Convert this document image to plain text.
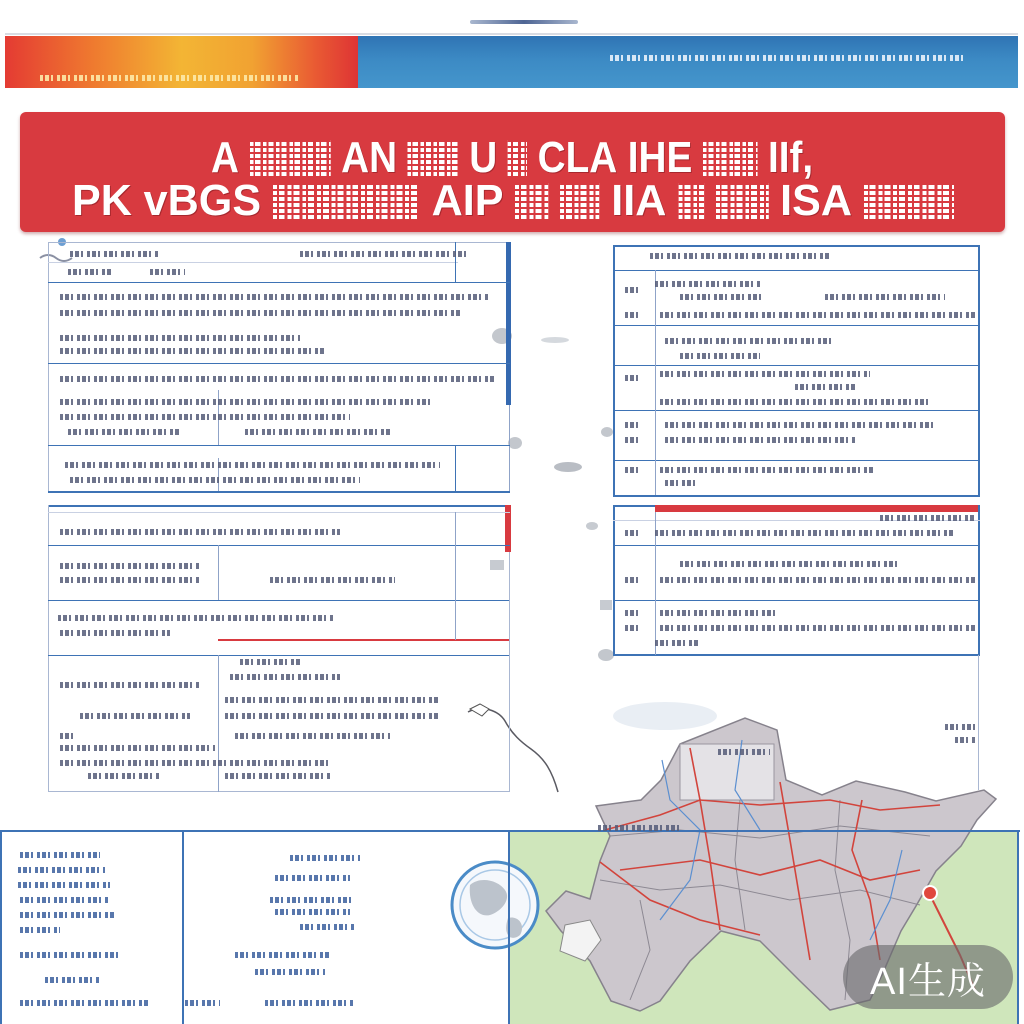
A AN U CLA IHE IIf,
PK vBGS	AIP IIA	ISA
AI生成
